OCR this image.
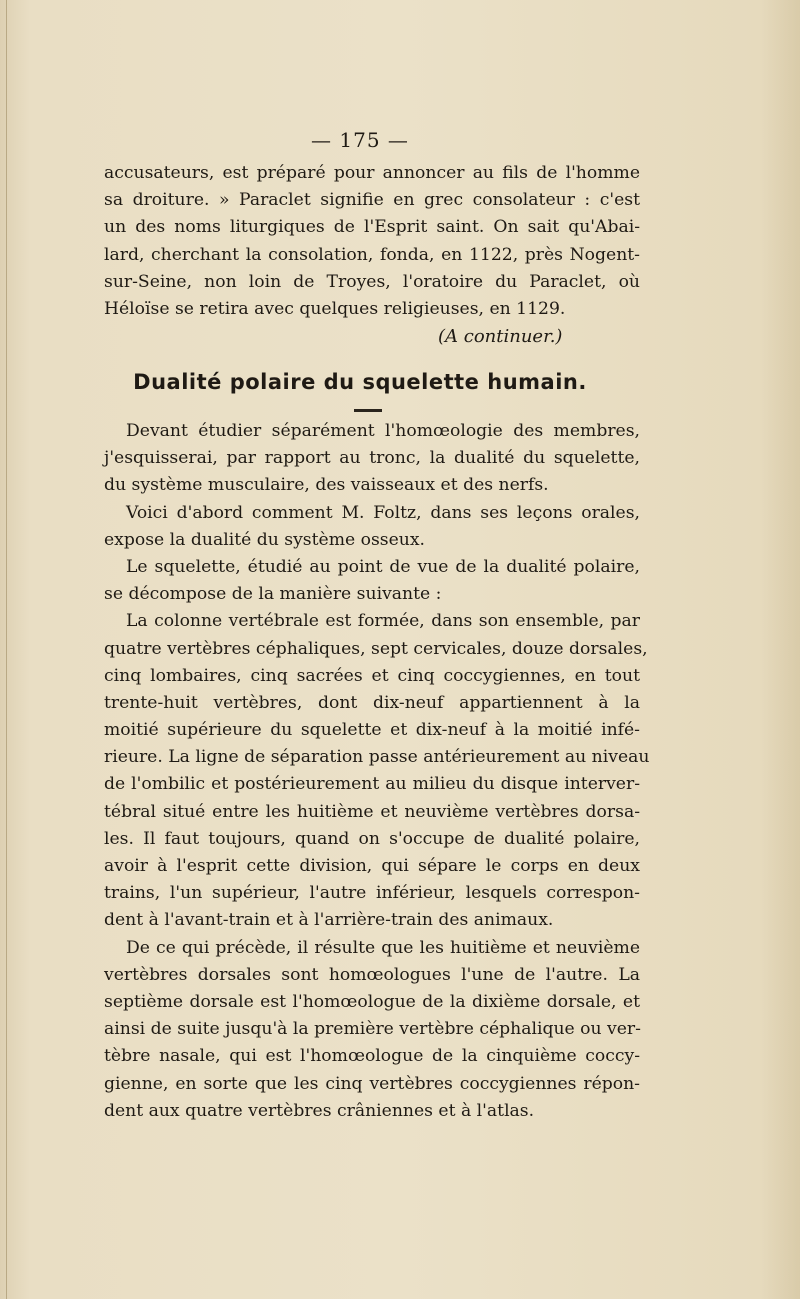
— 175 —
accusateurs, est préparé pour annoncer au fils de l'homme
sa droiture. » Paraclet signifie en grec consolateur : c'est
un des noms liturgiques de l'Esprit saint. On sait qu'Abai-
lard, cherchant la consolation, fonda, en 1122, près Nogent-
sur-Seine, non loin de Troyes, l'oratoire du Paraclet, où
Héloïse se retira avec quelques religieuses, en 1129.
(A continuer.)
Dualité polaire du squelette humain.
Devant étudier séparément l'homœologie des membres,
j'esquisserai, par rapport au tronc, la dualité du squelette,
du système musculaire, des vaisseaux et des nerfs.
Voici d'abord comment M. Foltz, dans ses leçons orales,
expose la dualité du système osseux.
Le squelette, étudié au point de vue de la dualité polaire,
se décompose de la manière suivante :
La colonne vertébrale est formée, dans son ensemble, par
quatre vertèbres céphaliques, sept cervicales, douze dorsales,
cinq lombaires, cinq sacrées et cinq coccygiennes, en tout
trente-huit vertèbres, dont dix-neuf appartiennent à la
moitié supérieure du squelette et dix-neuf à la moitié infé-
rieure. La ligne de séparation passe antérieurement au niveau
de l'ombilic et postérieurement au milieu du disque interver-
tébral situé entre les huitième et neuvième vertèbres dorsa-
les. Il faut toujours, quand on s'occupe de dualité polaire,
avoir à l'esprit cette division, qui sépare le corps en deux
trains, l'un supérieur, l'autre inférieur, lesquels correspon-
dent à l'avant-train et à l'arrière-train des animaux.
De ce qui précède, il résulte que les huitième et neuvième
vertèbres dorsales sont homœologues l'une de l'autre. La
septième dorsale est l'homœologue de la dixième dorsale, et
ainsi de suite jusqu'à la première vertèbre céphalique ou ver-
tèbre nasale, qui est l'homœologue de la cinquième coccy-
gienne, en sorte que les cinq vertèbres coccygiennes répon-
dent aux quatre vertèbres crâniennes et à l'atlas.
